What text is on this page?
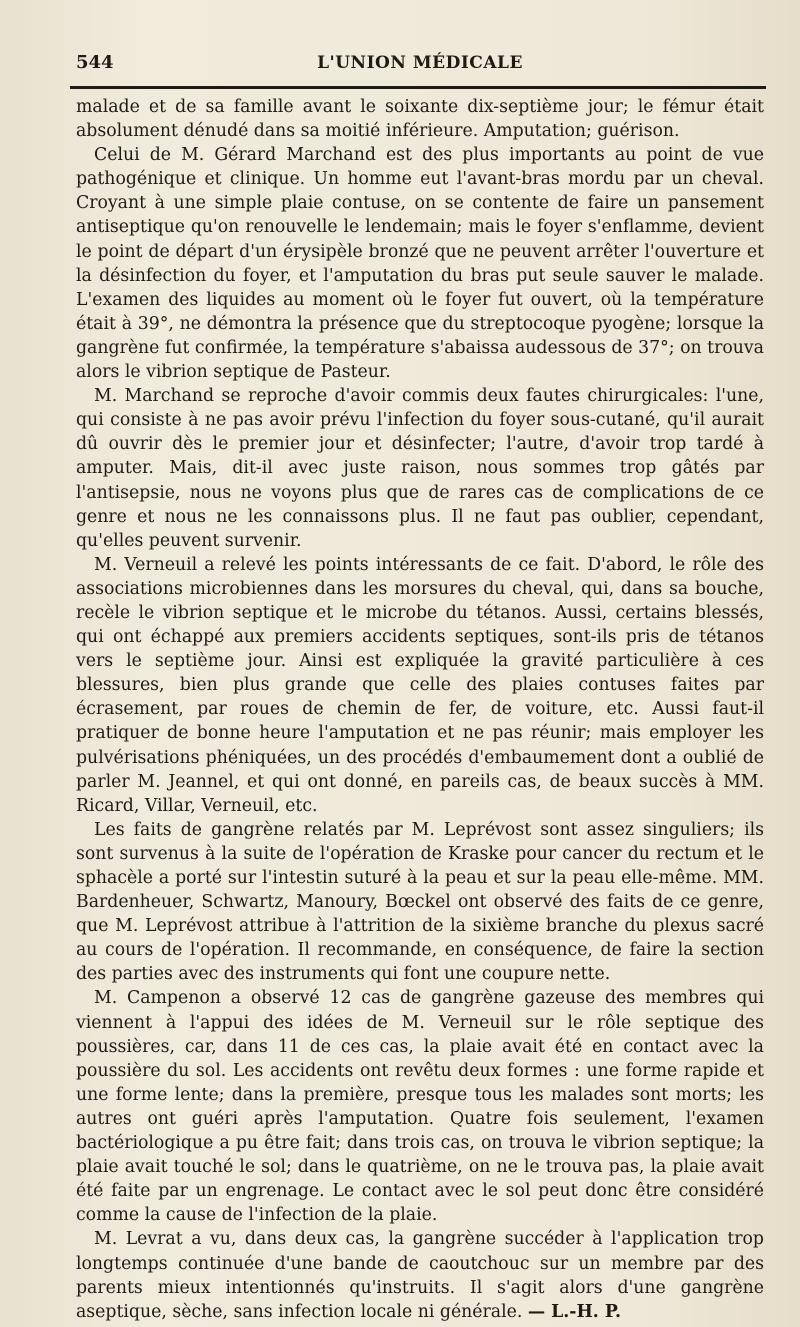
544	L'UNION MÉDICALE

malade et de sa famille avant le soixante dix-septième jour; le fémur était absolument dénudé dans sa moitié inférieure. Amputation; guérison.

Celui de M. Gérard Marchand est des plus importants au point de vue pathogénique et clinique. Un homme eut l'avant-bras mordu par un cheval. Croyant à une simple plaie contuse, on se contente de faire un pansement antiseptique qu'on renouvelle le lendemain; mais le foyer s'enflamme, devient le point de départ d'un érysipèle bronzé que ne peuvent arrêter l'ouverture et la désinfection du foyer, et l'amputation du bras put seule sauver le malade. L'examen des liquides au moment où le foyer fut ouvert, où la température était à 39°, ne démontra la présence que du streptocoque pyogène; lorsque la gangrène fut confirmée, la température s'abaissa audessous de 37°; on trouva alors le vibrion septique de Pasteur.

M. Marchand se reproche d'avoir commis deux fautes chirurgicales: l'une, qui consiste à ne pas avoir prévu l'infection du foyer sous-cutané, qu'il aurait dû ouvrir dès le premier jour et désinfecter; l'autre, d'avoir trop tardé à amputer. Mais, dit-il avec juste raison, nous sommes trop gâtés par l'antisepsie, nous ne voyons plus que de rares cas de complications de ce genre et nous ne les connaissons plus. Il ne faut pas oublier, cependant, qu'elles peuvent survenir.

M. Verneuil a relevé les points intéressants de ce fait. D'abord, le rôle des associations microbiennes dans les morsures du cheval, qui, dans sa bouche, recèle le vibrion septique et le microbe du tétanos. Aussi, certains blessés, qui ont échappé aux premiers accidents septiques, sont-ils pris de tétanos vers le septième jour. Ainsi est expliquée la gravité particulière à ces blessures, bien plus grande que celle des plaies contuses faites par écrasement, par roues de chemin de fer, de voiture, etc. Aussi faut-il pratiquer de bonne heure l'amputation et ne pas réunir; mais employer les pulvérisations phéniquées, un des procédés d'embaumement dont a oublié de parler M. Jeannel, et qui ont donné, en pareils cas, de beaux succès à MM. Ricard, Villar, Verneuil, etc.

Les faits de gangrène relatés par M. Leprévost sont assez singuliers; ils sont survenus à la suite de l'opération de Kraske pour cancer du rectum et le sphacèle a porté sur l'intestin suturé à la peau et sur la peau elle-même. MM. Bardenheuer, Schwartz, Manoury, Bœckel ont observé des faits de ce genre, que M. Leprévost attribue à l'attrition de la sixième branche du plexus sacré au cours de l'opération. Il recommande, en conséquence, de faire la section des parties avec des instruments qui font une coupure nette.

M. Campenon a observé 12 cas de gangrène gazeuse des membres qui viennent à l'appui des idées de M. Verneuil sur le rôle septique des poussières, car, dans 11 de ces cas, la plaie avait été en contact avec la poussière du sol. Les accidents ont revêtu deux formes : une forme rapide et une forme lente; dans la première, presque tous les malades sont morts; les autres ont guéri après l'amputation. Quatre fois seulement, l'examen bactériologique a pu être fait; dans trois cas, on trouva le vibrion septique; la plaie avait touché le sol; dans le quatrième, on ne le trouva pas, la plaie avait été faite par un engrenage. Le contact avec le sol peut donc être considéré comme la cause de l'infection de la plaie.

M. Levrat a vu, dans deux cas, la gangrène succéder à l'application trop longtemps continuée d'une bande de caoutchouc sur un membre par des parents mieux intentionnés qu'instruits. Il s'agit alors d'une gangrène aseptique, sèche, sans infection locale ni générale. — L.-H. P.
